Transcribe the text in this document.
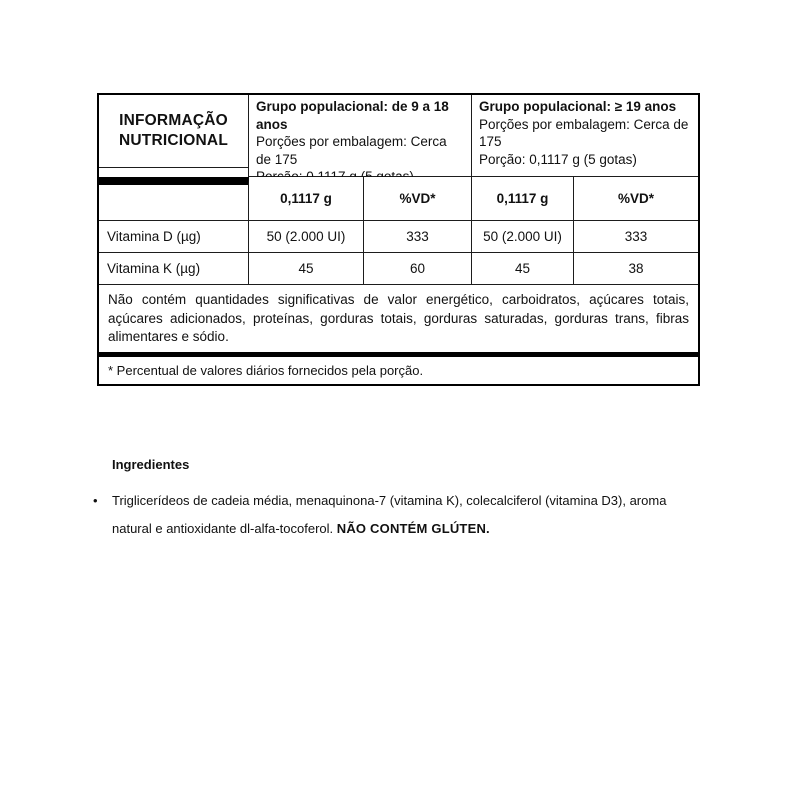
INFORMAÇÃO NUTRICIONAL
Grupo populacional: de 9 a 18 anos
Porções por embalagem: Cerca de 175
Grupo populacional: ≥ 19 anos
Porções por embalagem: Cerca de 175
Porção: 0,1117 g (5 gotas)
0,1117 g	%VD*	0,1117 g	%VD*
Vitamina D (µg)	50 (2.000 UI)	333	50 (2.000 UI)	333
Vitamina K (µg)	45	60	45	38
Não contém quantidades significativas de valor energético, carboidratos, açúcares totais, açúcares adicionados, proteínas, gorduras totais, gorduras saturadas, gorduras trans, fibras alimentares e sódio.
* Percentual de valores diários fornecidos pela porção.
Ingredientes
• Triglicerídeos de cadeia média, menaquinona-7 (vitamina K), colecalciferol (vitamina D3), aroma natural e antioxidante dl-alfa-tocoferol. NÃO CONTÉM GLÚTEN.
